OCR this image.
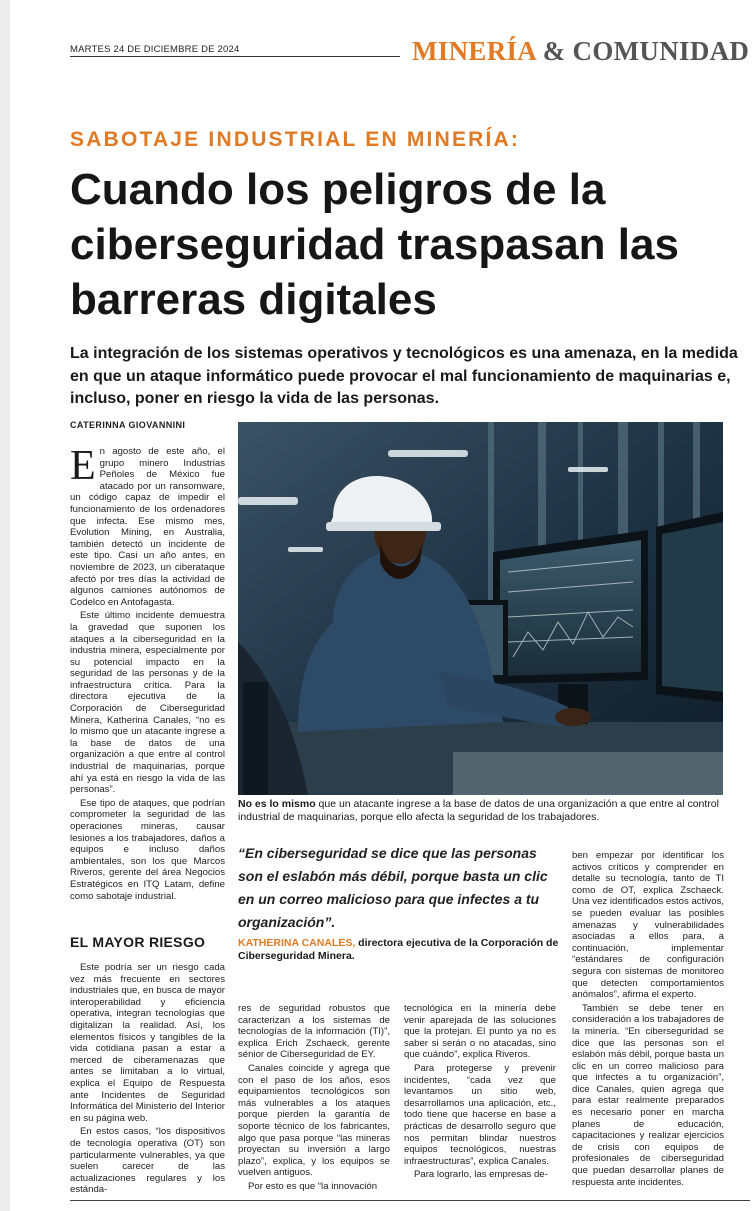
MARTES 24 DE DICIEMBRE DE 2024	MINERÍA & COMUNIDAD
SABOTAJE INDUSTRIAL EN MINERÍA:
Cuando los peligros de la ciberseguridad traspasan las barreras digitales

La integración de los sistemas operativos y tecnológicos es una amenaza, en la medida en que un ataque informático puede provocar el mal funcionamiento de maquinarias e, incluso, poner en riesgo la vida de las personas.

CATERINNA GIOVANNINI

En agosto de este año, el grupo minero Industrias Peñoles de México fue atacado por un ransomware, un código capaz de impedir el funcionamiento de los ordenadores que infecta. Ese mismo mes, Evolution Mining, en Australia, también detectó un incidente de este tipo. Casi un año antes, en noviembre de 2023, un ciberataque afectó por tres días la actividad de algunos camiones autónomos de Codelco en Antofagasta.

Este último incidente demuestra la gravedad que suponen los ataques a la ciberseguridad en la industria minera, especialmente por su potencial impacto en la seguridad de las personas y de la infraestructura crítica. Para la directora ejecutiva de la Corporación de Ciberseguridad Minera, Katherina Canales, “no es lo mismo que un atacante ingrese a la base de datos de una organización a que entre al control industrial de maquinarias, porque ahí ya está en riesgo la vida de las personas”.

Ese tipo de ataques, que podrían comprometer la seguridad de las operaciones mineras, causar lesiones a los trabajadores, daños a equipos e incluso daños ambientales, son los que Marcos Riveros, gerente del área Negocios Estratégicos en ITQ Latam, define como sabotaje industrial.

EL MAYOR RIESGO

Este podría ser un riesgo cada vez más frecuente en sectores industriales que, en busca de mayor interoperabilidad y eficiencia operativa, integran tecnologías que digitalizan la realidad. Así, los elementos físicos y tangibles de la vida cotidiana pasan a estar a merced de ciberamenazas que antes se limitaban a lo virtual, explica el Equipo de Respuesta ante Incidentes de Seguridad Informática del Ministerio del Interior en su página web.

En estos casos, “los dispositivos de tecnología operativa (OT) son particularmente vulnerables, ya que suelen carecer de las actualizaciones regulares y los estánda-

No es lo mismo que un atacante ingrese a la base de datos de una organización a que entre al control industrial de maquinarias, porque ello afecta la seguridad de los trabajadores.
“En ciberseguridad se dice que las personas son el eslabón más débil, porque basta un clic en un correo malicioso para que infectes a tu organización”.
KATHERINA CANALES, directora ejecutiva de la Corporación de Ciberseguridad Minera.

res de seguridad robustos que caracterizan a los sistemas de tecnologías de la información (TI)”, explica Erich Zschaeck, gerente sénior de Ciberseguridad de EY.

Canales coincide y agrega que con el paso de los años, esos equipamientos tecnológicos son más vulnerables a los ataques porque pierden la garantía de soporte técnico de los fabricantes, algo que pasa porque “las mineras proyectan su inversión a largo plazo”, explica, y los equipos se vuelven antiguos.

Por esto es que “la innovación

tecnológica en la minería debe venir aparejada de las soluciones que la protejan. El punto ya no es saber si serán o no atacadas, sino que cuándo”, explica Riveros.

Para protegerse y prevenir incidentes, “cada vez que levantamos un sitio web, desarrollamos una aplicación, etc., todo tiene que hacerse en base a prácticas de desarrollo seguro que nos permitan blindar nuestros equipos tecnológicos, nuestras infraestructuras”, explica Canales.

Para lograrlo, las empresas de-

ben empezar por identificar los activos críticos y comprender en detalle su tecnología, tanto de TI como de OT, explica Zschaeck. Una vez identificados estos activos, se pueden evaluar las posibles amenazas y vulnerabilidades asociadas a ellos para, a continuación, implementar “estándares de configuración segura con sistemas de monitoreo que detecten comportamientos anómalos”, afirma el experto.

También se debe tener en consideración a los trabajadores de la minería. “En ciberseguridad se dice que las personas son el eslabón más débil, porque basta un clic en un correo malicioso para que infectes a tu organización”, dice Canales, quien agrega que para estar realmente preparados es necesario poner en marcha planes de educación, capacitaciones y realizar ejercicios de crisis con equipos de profesionales de ciberseguridad que puedan desarrollar planes de respuesta ante incidentes.
